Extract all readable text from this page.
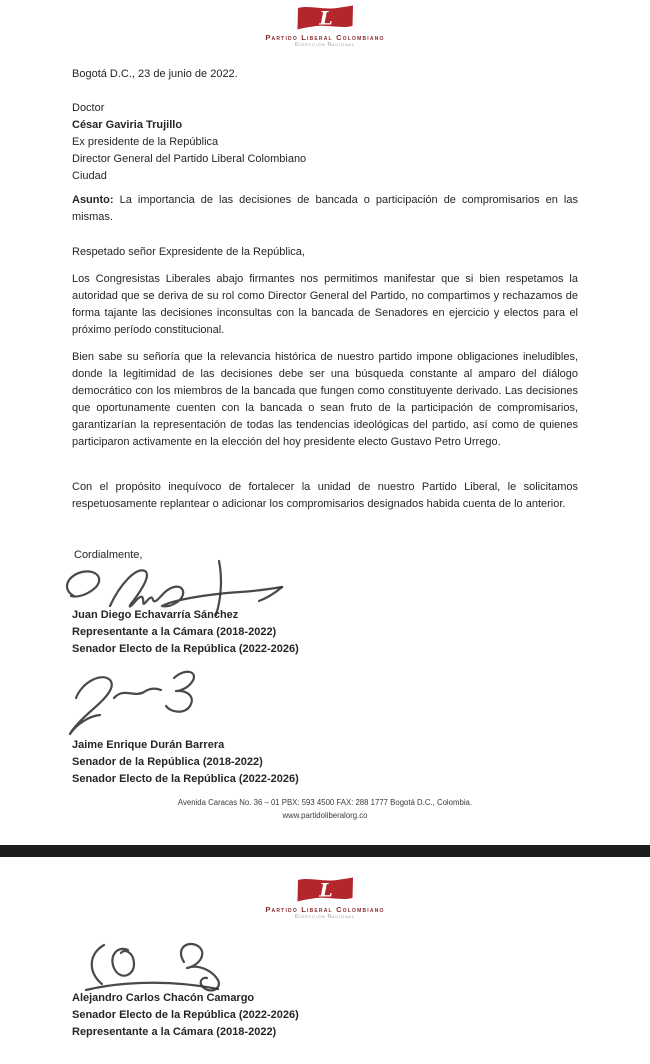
L
Partido Liberal Colombiano
Dirección Nacional
Bogotá D.C., 23 de junio de 2022.
Doctor
César Gaviria Trujillo
Ex presidente de la República
Director General del Partido Liberal Colombiano
Ciudad
Asunto: La importancia de las decisiones de bancada o participación de compromisarios en las mismas.
Respetado señor Expresidente de la República,

Los Congresistas Liberales abajo firmantes nos permitimos manifestar que si bien respetamos la autoridad que se deriva de su rol como Director General del Partido, no compartimos y rechazamos de forma tajante las decisiones inconsultas con la bancada de Senadores en ejercicio y electos para el próximo período constitucional.

Bien sabe su señoría que la relevancia histórica de nuestro partido impone obligaciones ineludibles, donde la legitimidad de las decisiones debe ser una búsqueda constante al amparo del diálogo democrático con los miembros de la bancada que fungen como constituyente derivado. Las decisiones que oportunamente cuenten con la bancada o sean fruto de la participación de compromisarios, garantizarían la representación de todas las tendencias ideológicas del partido, así como de quienes participaron activamente en la elección del hoy presidente electo Gustavo Petro Urrego.

Con el propósito inequívoco de fortalecer la unidad de nuestro Partido Liberal, le solicitamos respetuosamente replantear o adicionar los compromisarios designados habida cuenta de lo anterior.

Cordialmente,
Juan Diego Echavarría Sánchez
Representante a la Cámara (2018-2022)
Senador Electo de la República (2022-2026)
Jaime Enrique Durán Barrera
Senador de la República (2018-2022)
Senador Electo de la República (2022-2026)
Avenida Caracas No. 36 – 01 PBX: 593 4500 FAX: 288 1777 Bogotá D.C., Colombia.
www.partidoliberalorg.co
L
Partido Liberal Colombiano
Dirección Nacional
Alejandro Carlos Chacón Camargo
Senador Electo de la República (2022-2026)
Representante a la Cámara (2018-2022)
